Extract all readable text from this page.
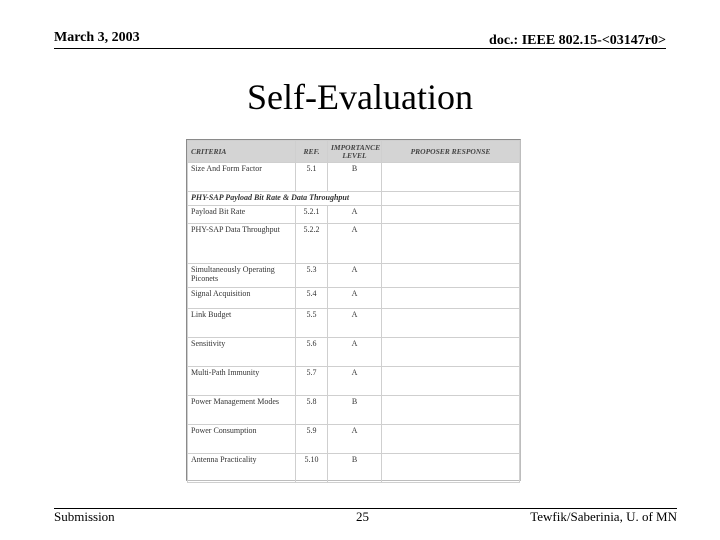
March 3, 2003	doc.: IEEE 802.15-<03147r0>
Self-Evaluation
CRITERIA	REF.	IMPORTANCE LEVEL	PROPOSER RESPONSE
Size And Form Factor	5.1	B	
PHY-SAP Payload Bit Rate & Data Throughput			
Payload Bit Rate	5.2.1	A	
PHY-SAP Data Throughput	5.2.2	A	
Simultaneously Operating Piconets	5.3	A	
Signal Acquisition	5.4	A	
Link Budget	5.5	A	
Sensitivity	5.6	A	
Multi-Path Immunity	5.7	A	
Power Management Modes	5.8	B	
Power Consumption	5.9	A	
Antenna Practicality	5.10	B	
Submission	25	Tewfik/Saberinia, U. of MN
